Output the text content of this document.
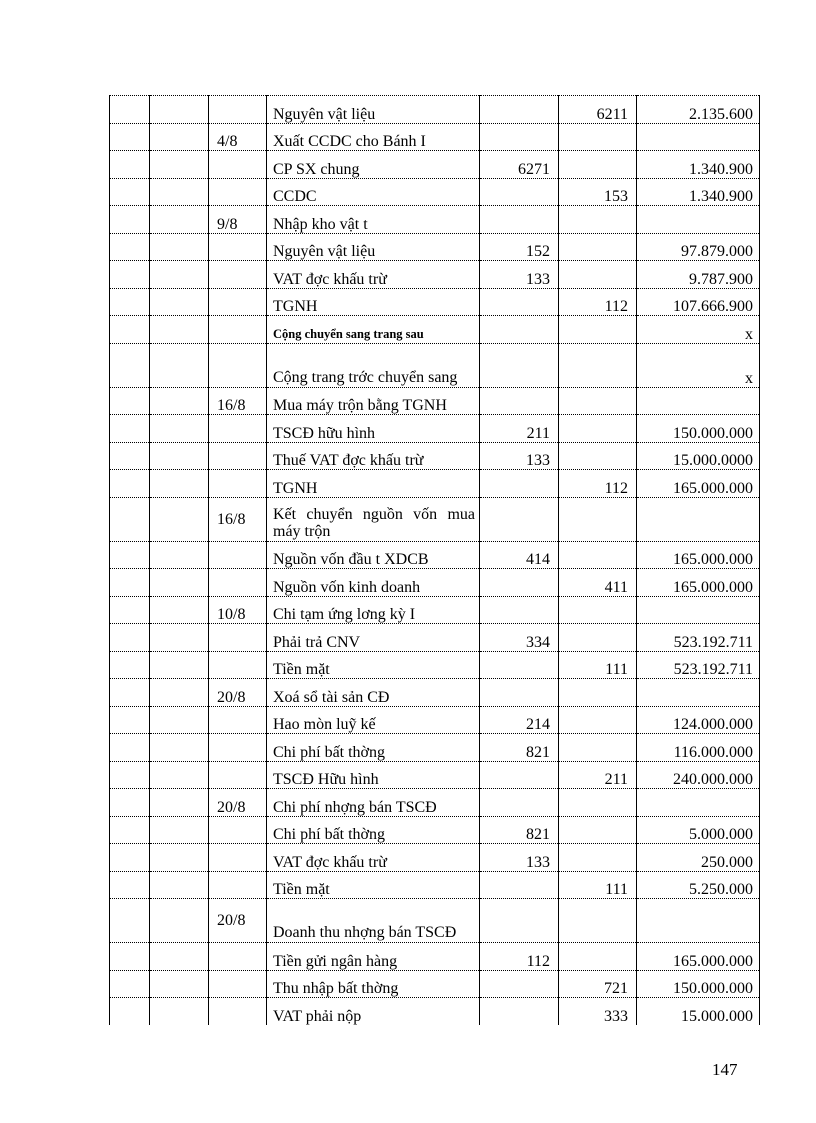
			Nguyên vật liệu		6211	2.135.600
		4/8	Xuất CCDC cho Bánh I			
			CP SX chung	6271		1.340.900
			CCDC		153	1.340.900
		9/8	Nhập kho vật t			
			Nguyên vật liệu	152		97.879.000
			VAT đợc khấu trừ	133		9.787.900
			TGNH		112	107.666.900
			Cộng chuyển sang trang sau			x
			Cộng trang trớc chuyển sang			x
		16/8	Mua máy trộn bằng TGNH			
			TSCĐ hữu hình	211		150.000.000
			Thuế VAT đợc khấu trừ	133		15.000.0000
			TGNH		112	165.000.000
		16/8	Kết chuyển nguồn vốn mua máy trộn			
			Nguồn vốn đầu t XDCB	414		165.000.000
			Nguồn vốn kinh doanh		411	165.000.000
		10/8	Chi tạm ứng lơng kỳ I			
			Phải trả CNV	334		523.192.711
			Tiền mặt		111	523.192.711
		20/8	Xoá sổ tài sản CĐ			
			Hao mòn luỹ kế	214		124.000.000
			Chi phí bất thờng	821		116.000.000
			TSCĐ Hữu hình		211	240.000.000
		20/8	Chi phí nhợng bán TSCĐ			
			Chi phí bất thờng	821		5.000.000
			VAT đợc khấu trừ	133		250.000
			Tiền mặt		111	5.250.000
		20/8	Doanh thu nhợng bán TSCĐ			
			Tiền gửi ngân hàng	112		165.000.000
			Thu nhập bất thờng		721	150.000.000
			VAT phải nộp		333	15.000.000
147
